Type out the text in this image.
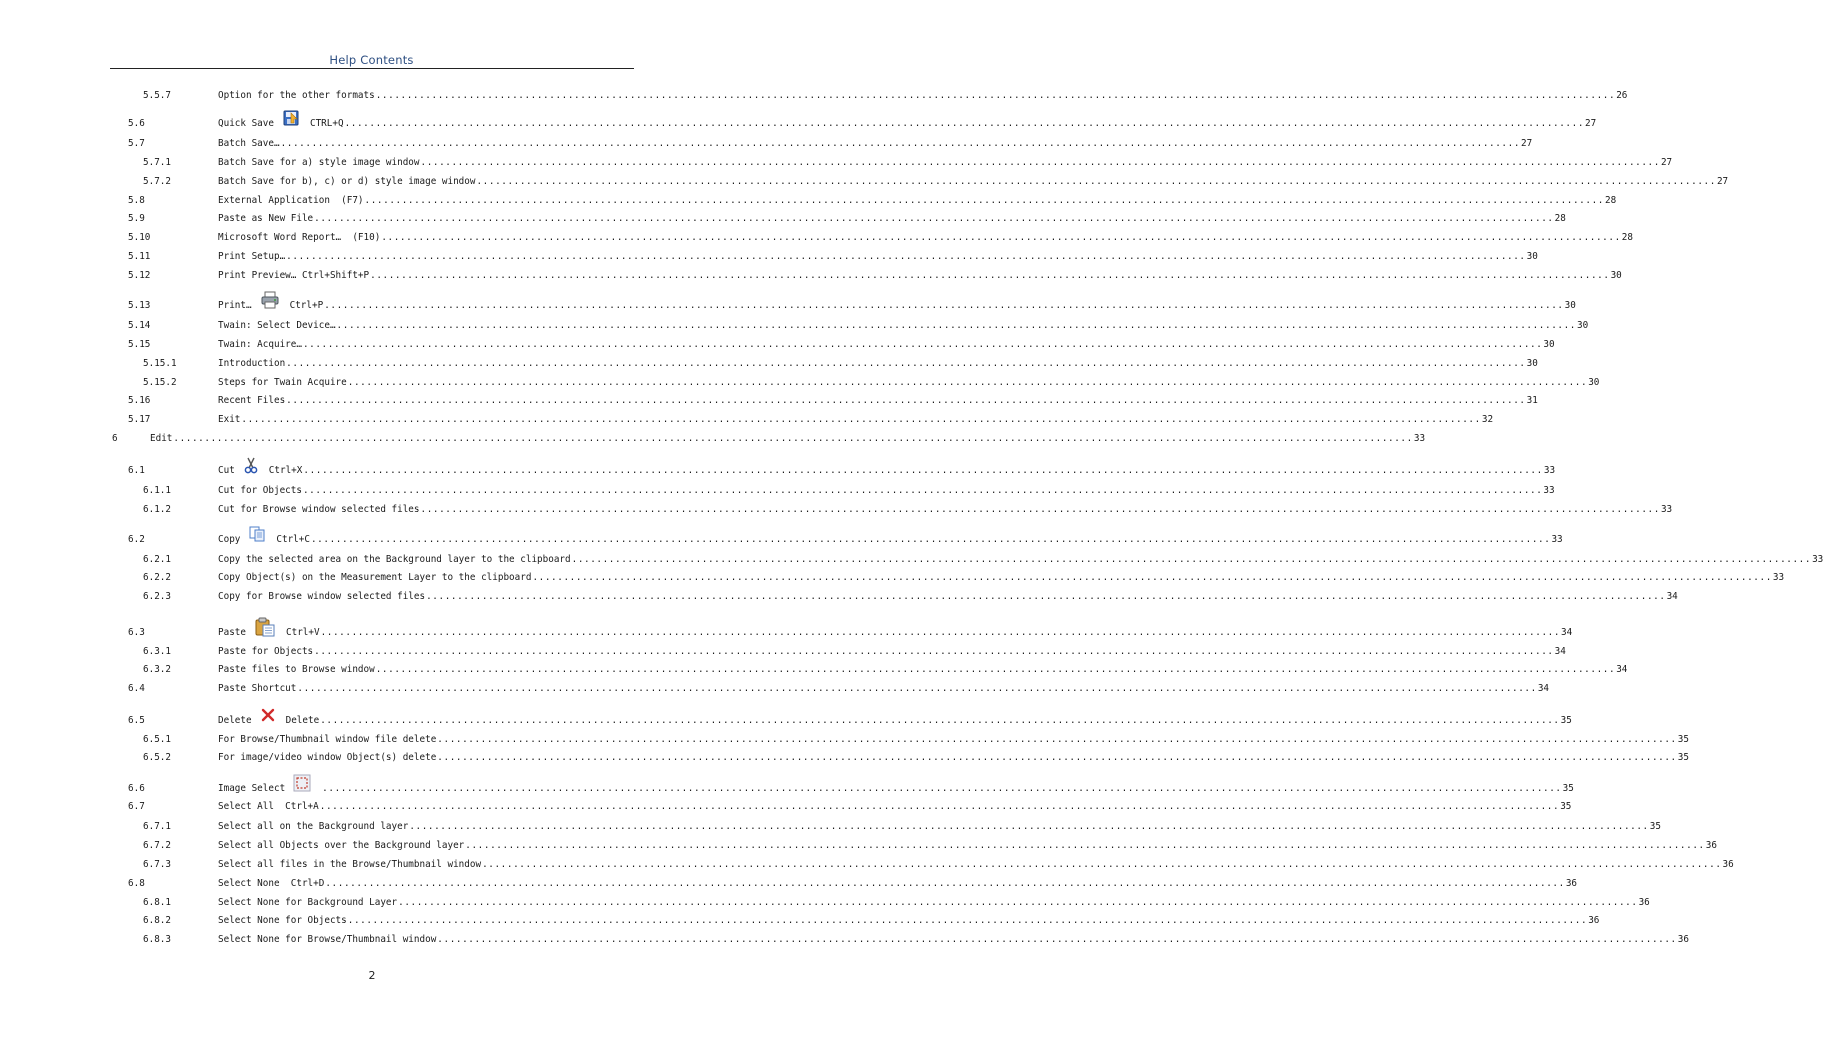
Help Contents
5.5.7	Option for the other formats ........................................................................................................................................................................................................ 26
5.6	Quick Save	CTRL+Q ........................................................................................................................................................................................................ 27
5.7	Batch Save… ........................................................................................................................................................................................................ 27
5.7.1	Batch Save for a) style image window ........................................................................................................................................................................................................ 27
5.7.2	Batch Save for b), c) or d) style image window ........................................................................................................................................................................................................ 27
5.8	External Application  (F7) ........................................................................................................................................................................................................ 28
5.9	Paste as New File ........................................................................................................................................................................................................ 28
5.10	Microsoft Word Report…  (F10) ........................................................................................................................................................................................................ 28
5.11	Print Setup… ........................................................................................................................................................................................................ 30
5.12	Print Preview… Ctrl+Shift+P ........................................................................................................................................................................................................ 30
5.13	Print…	Ctrl+P ........................................................................................................................................................................................................ 30
5.14	Twain: Select Device… ........................................................................................................................................................................................................ 30
5.15	Twain: Acquire… ........................................................................................................................................................................................................ 30
5.15.1	Introduction ........................................................................................................................................................................................................ 30
5.15.2	Steps for Twain Acquire ........................................................................................................................................................................................................ 30
5.16	Recent Files ........................................................................................................................................................................................................ 31
5.17	Exit ........................................................................................................................................................................................................ 32
6	Edit ........................................................................................................................................................................................................ 33
6.1	Cut	Ctrl+X ........................................................................................................................................................................................................ 33
6.1.1	Cut for Objects ........................................................................................................................................................................................................ 33
6.1.2	Cut for Browse window selected files ........................................................................................................................................................................................................ 33
6.2	Copy	Ctrl+C ........................................................................................................................................................................................................ 33
6.2.1	Copy the selected area on the Background layer to the clipboard ........................................................................................................................................................................................................ 33
6.2.2	Copy Object(s) on the Measurement Layer to the clipboard ........................................................................................................................................................................................................ 33
6.2.3	Copy for Browse window selected files ........................................................................................................................................................................................................ 34
6.3	Paste	Ctrl+V ........................................................................................................................................................................................................ 34
6.3.1	Paste for Objects ........................................................................................................................................................................................................ 34
6.3.2	Paste files to Browse window ........................................................................................................................................................................................................ 34
6.4	Paste Shortcut ........................................................................................................................................................................................................ 34
6.5	Delete	Delete ........................................................................................................................................................................................................ 35
6.5.1	For Browse/Thumbnail window file delete ........................................................................................................................................................................................................ 35
6.5.2	For image/video window Object(s) delete ........................................................................................................................................................................................................ 35
6.6	Image Select	........................................................................................................................................................................................................ 35
6.7	Select All  Ctrl+A ........................................................................................................................................................................................................ 35
6.7.1	Select all on the Background layer ........................................................................................................................................................................................................ 35
6.7.2	Select all Objects over the Background layer ........................................................................................................................................................................................................ 36
6.7.3	Select all files in the Browse/Thumbnail window ........................................................................................................................................................................................................ 36
6.8	Select None  Ctrl+D ........................................................................................................................................................................................................ 36
6.8.1	Select None for Background Layer ........................................................................................................................................................................................................ 36
6.8.2	Select None for Objects ........................................................................................................................................................................................................ 36
6.8.3	Select None for Browse/Thumbnail window ........................................................................................................................................................................................................ 36
2
